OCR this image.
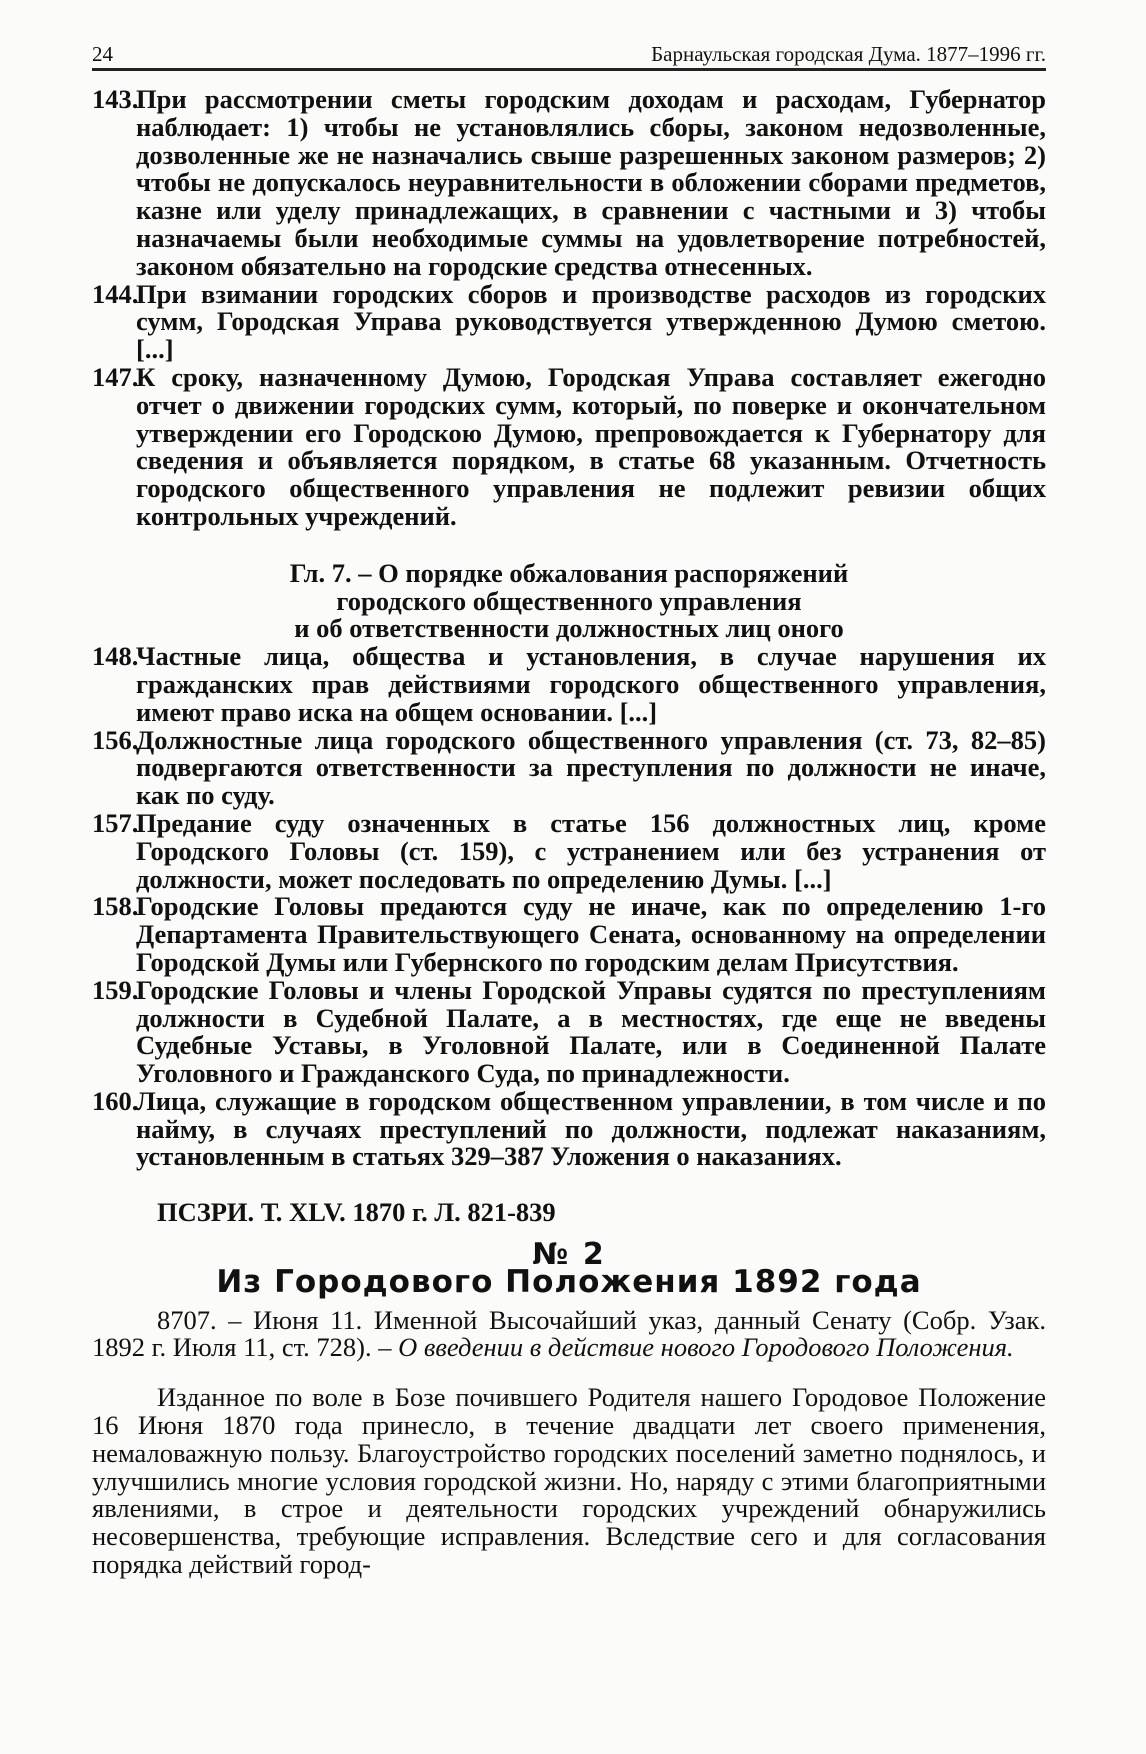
24	Барнаульская городская Дума. 1877–1996 гг.
143.
При рассмотрении сметы городским доходам и расходам, Губернатор наблюдает: 1) чтобы не установлялись сборы, законом недозволенные, дозволенные же не назначались свыше разрешенных законом размеров; 2) чтобы не допускалось неуравнительности в обложении сборами предметов, казне или уделу принадлежащих, в сравнении с частными и 3) чтобы назначаемы были необходимые суммы на удовлетворение потребностей, законом обязательно на городские средства отнесенных.
144.
При взимании городских сборов и производстве расходов из городских сумм, Городская Управа руководствуется утвержденною Думою сметою. [...]
147.
К сроку, назначенному Думою, Городская Управа составляет ежегодно отчет о движении городских сумм, который, по поверке и окончательном утверждении его Городскою Думою, препровождается к Губернатору для сведения и объявляется порядком, в статье 68 указанным. Отчетность городского общественного управления не подлежит ревизии общих контрольных учреждений.
Гл. 7. – О порядке обжалования распоряжений
городского общественного управления
и об ответственности должностных лиц оного
148.
Частные лица, общества и установления, в случае нарушения их гражданских прав действиями городского общественного управления, имеют право иска на общем основании. [...]
156.
Должностные лица городского общественного управления (ст. 73, 82–85) подвергаются ответственности за преступления по должности не иначе, как по суду.
157.
Предание суду означенных в статье 156 должностных лиц, кроме Городского Головы (ст. 159), с устранением или без устранения от должности, может последовать по определению Думы. [...]
158.
Городские Головы предаются суду не иначе, как по определению 1-го Департамента Правительствующего Сената, основанному на определении Городской Думы или Губернского по городским делам Присутствия.
159.
Городские Головы и члены Городской Управы судятся по преступлениям должности в Судебной Палате, а в местностях, где еще не введены Судебные Уставы, в Уголовной Палате, или в Соединенной Палате Уголовного и Гражданского Суда, по принадлежности.
160.
Лица, служащие в городском общественном управлении, в том числе и по найму, в случаях преступлений по должности, подлежат наказаниям, установленным в статьях 329–387 Уложения о наказаниях.
ПСЗРИ. Т. XLV. 1870 г. Л. 821-839
№ 2
Из Городового Положения 1892 года
8707. – Июня 11. Именной Высочайший указ, данный Сенату (Собр. Узак. 1892 г. Июля 11, ст. 728). – О введении в действие нового Городового Положения.
Изданное по воле в Бозе почившего Родителя нашего Городовое Положение 16 Июня 1870 года принесло, в течение двадцати лет своего применения, немаловажную пользу. Благоустройство городских поселений заметно поднялось, и улучшились многие условия городской жизни. Но, наряду с этими благоприятными явлениями, в строе и деятельности городских учреждений обнаружились несовершенства, требующие исправления. Вследствие сего и для согласования порядка действий город-
